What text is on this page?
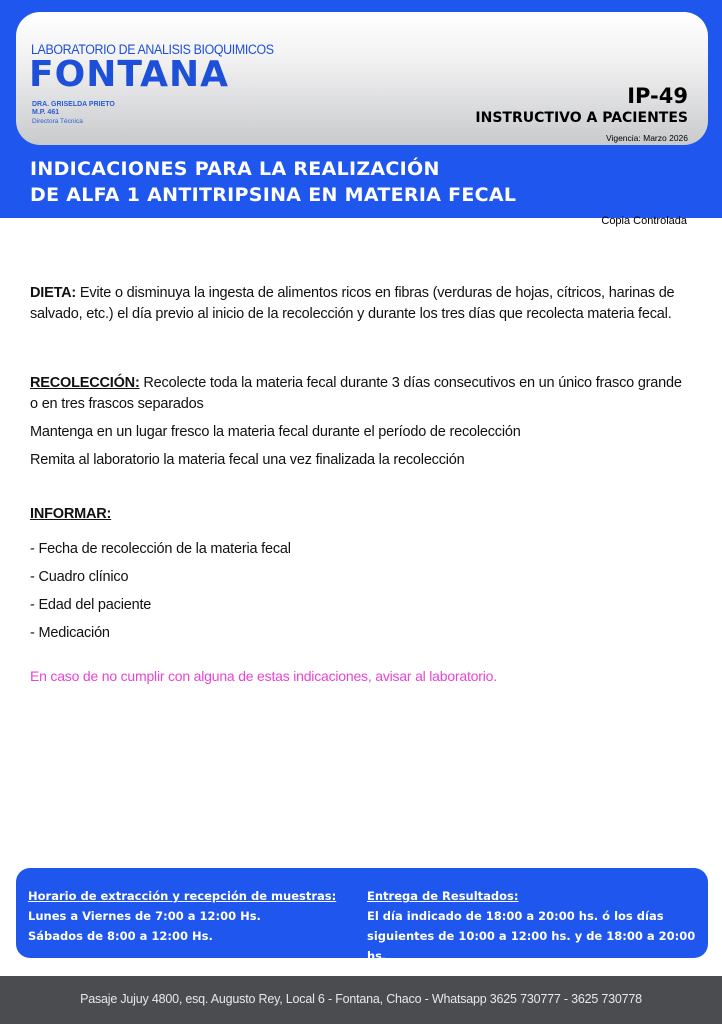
LABORATORIO DE ANALISIS BIOQUIMICOS
FONTANA
DRA. GRISELDA PRIETO
M.P. 461
Directora Técnica
IP-49
INSTRUCTIVO A PACIENTES
Vigencia: Marzo 2026
INDICACIONES PARA LA REALIZACIÓN
DE ALFA 1 ANTITRIPSINA EN MATERIA FECAL
Copia Controlada

DIETA: Evite o disminuya la ingesta de alimentos ricos en fibras (verduras de hojas, cítricos, harinas de salvado, etc.) el día previo al inicio de la recolección y durante los tres días que recolecta materia fecal.

RECOLECCIÓN: Recolecte toda la materia fecal durante 3 días consecutivos en un único frasco grande o en tres frascos separados

Mantenga en un lugar fresco la materia fecal durante el período de recolección

Remita al laboratorio la materia fecal una vez finalizada la recolección

INFORMAR:

- Fecha de recolección de la materia fecal
- Cuadro clínico
- Edad del paciente
- Medicación

En caso de no cumplir con alguna de estas indicaciones, avisar al laboratorio.

Horario de extracción y recepción de muestras:
Lunes a Viernes de 7:00 a 12:00 Hs.
Sábados de 8:00 a 12:00 Hs.
Entrega de Resultados:
El día indicado de 18:00 a 20:00 hs. ó los días
siguientes de 10:00 a 12:00 hs. y de 18:00 a 20:00 hs.
Pasaje Jujuy 4800, esq. Augusto Rey, Local 6 - Fontana, Chaco - Whatsapp 3625 730777 - 3625 730778
